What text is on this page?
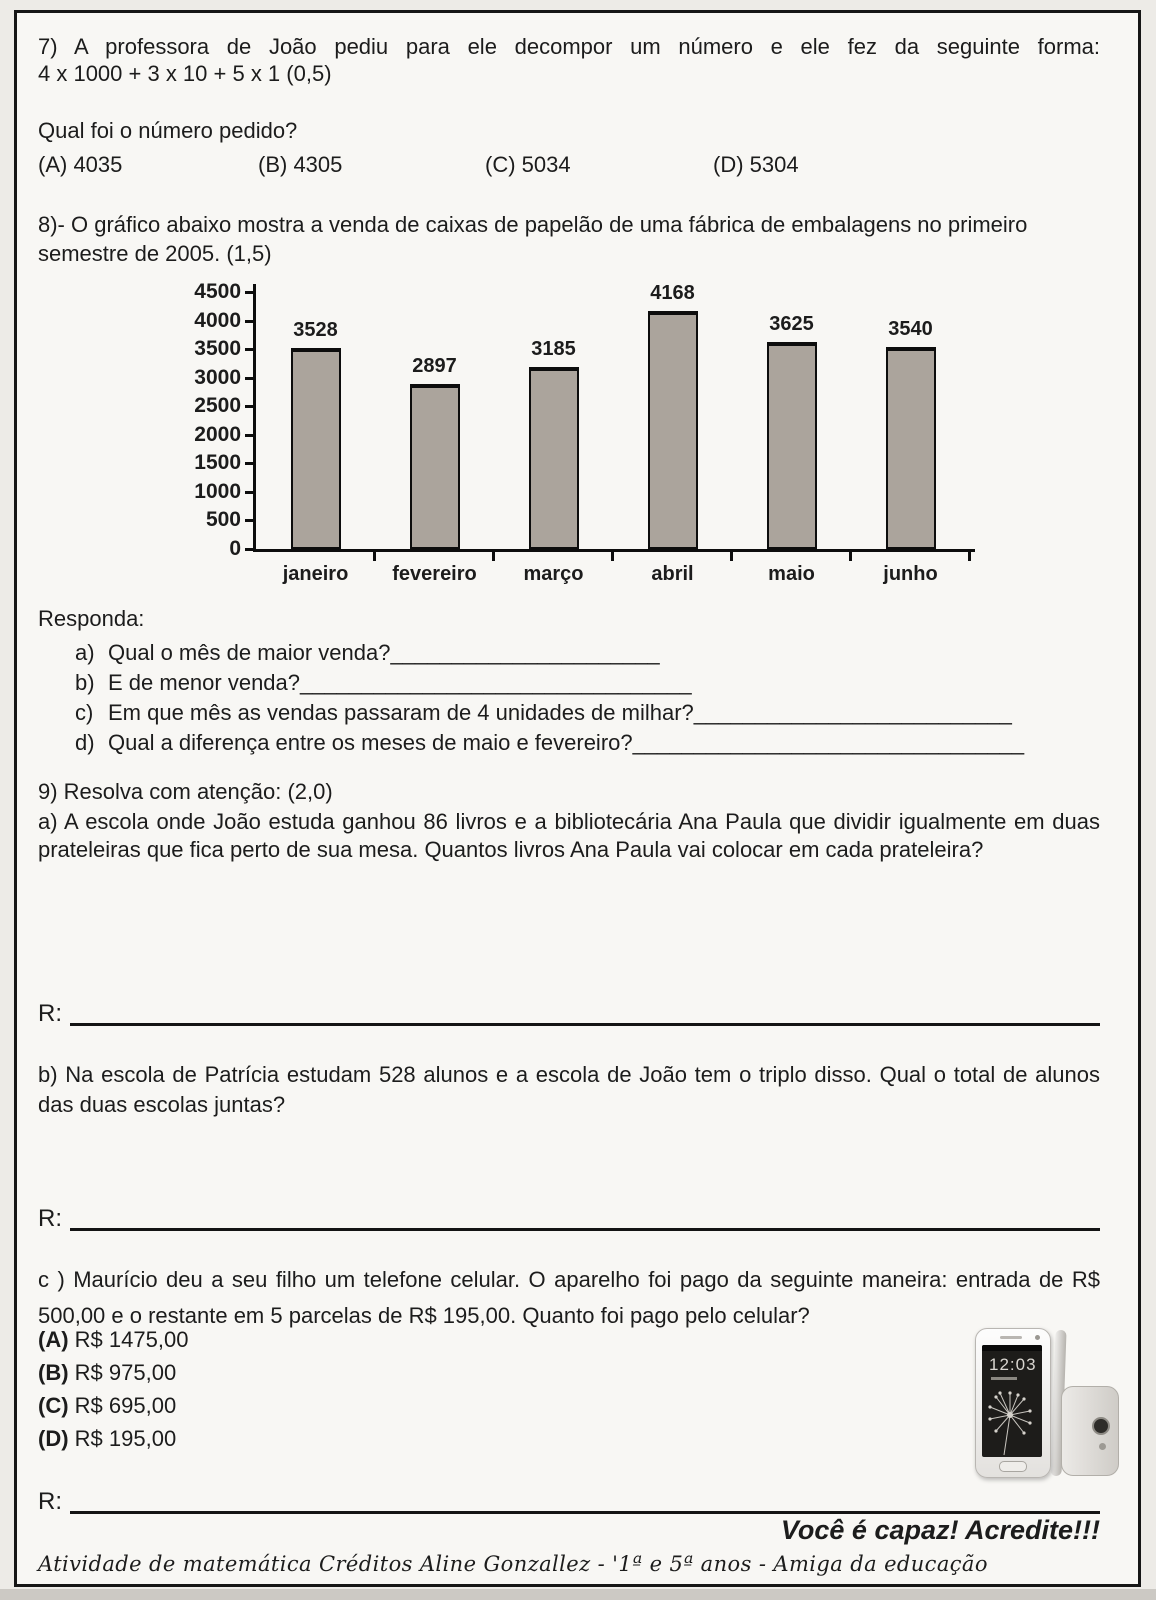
7) A professora de João pediu para ele decompor um número e ele fez da seguinte forma:
4 x 1000 + 3 x 10 + 5 x 1 (0,5)
Qual foi o número pedido?
(A) 4035	(B) 4305	(C) 5034	(D) 5304
8)- O gráfico abaixo mostra a venda de caixas de papelão de uma fábrica de embalagens no primeiro semestre de 2005. (1,5)
0
500
1000
1500
2000
2500
3000
3500
4000
4500
3528
janeiro
2897
fevereiro
3185
março
4168
abril
3625
maio
3540
junho
Responda:
a) Qual o mês de maior venda?______________________
b) E de menor venda?________________________________
c) Em que mês as vendas passaram de 4 unidades de milhar?__________________________
d) Qual a diferença entre os meses de maio e fevereiro?________________________________
9) Resolva com atenção: (2,0)
a) A escola onde João estuda ganhou 86 livros e a bibliotecária Ana Paula que dividir igualmente em duas prateleiras que fica perto de sua mesa. Quantos livros Ana Paula vai colocar em cada prateleira?
R:
b) Na escola de Patrícia estudam 528 alunos e a escola de João tem o triplo disso. Qual o total de alunos das duas escolas juntas?
R:
c ) Maurício deu a seu filho um telefone celular. O aparelho foi pago da seguinte maneira: entrada de R$ 500,00 e o restante em 5 parcelas de R$ 195,00. Quanto foi pago pelo celular?
(A) R$ 1475,00
(B) R$ 975,00
(C) R$ 695,00
(D) R$ 195,00
12:03
R:
Você é capaz! Acredite!!!
Atividade de matemática Créditos Aline Gonzallez - '1ª e 5ª anos - Amiga da educação
